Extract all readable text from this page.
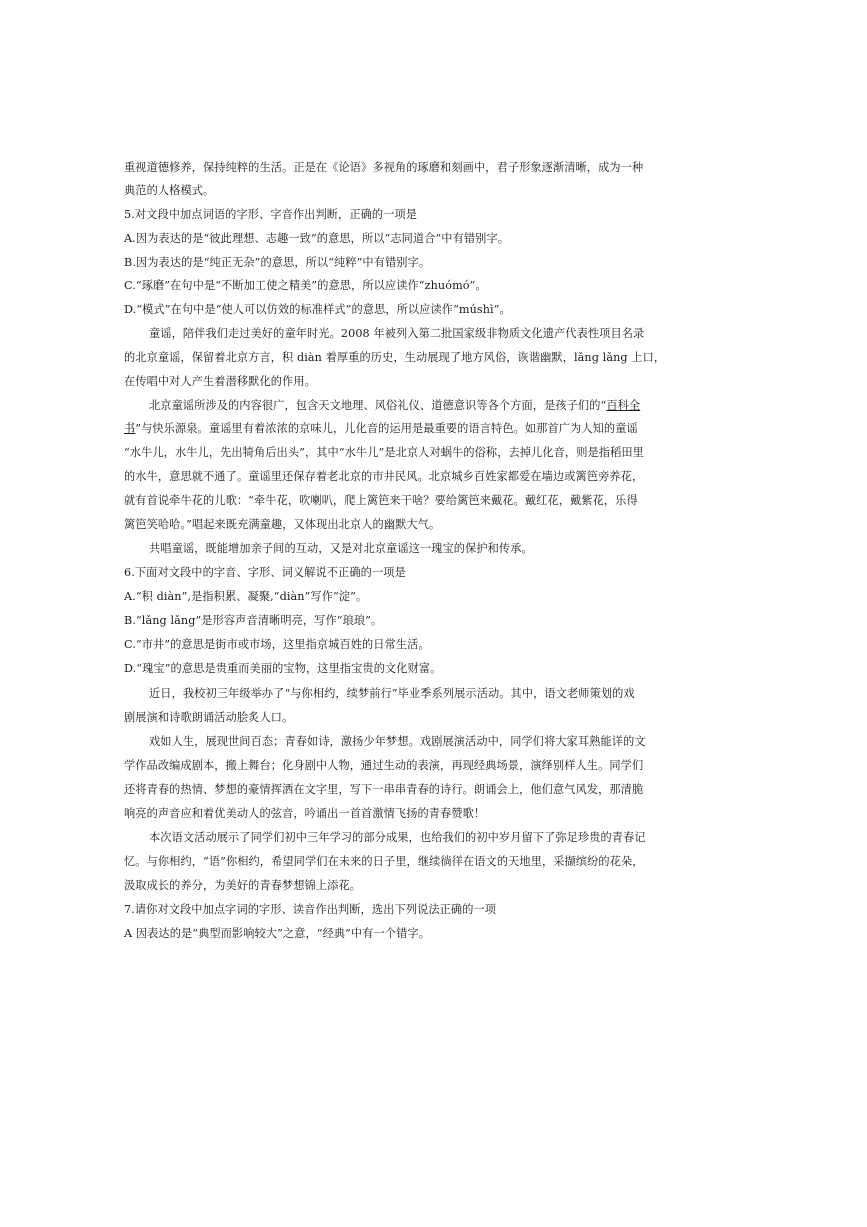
重视道德修养，保持纯粹的生活。正是在《论语》多视角的琢磨和刻画中，君子形象逐渐清晰，成为一种
典范的人格模式。
5.对文段中加点词语的字形、字音作出判断，正确的一项是
A.因为表达的是“彼此理想、志趣一致”的意思，所以“志同道合”中有错别字。
B.因为表达的是“纯正无杂”的意思，所以“纯粹”中有错别字。
C.“琢磨”在句中是“不断加工使之精美”的意思，所以应读作“zhuómó”。
D.“模式”在句中是“使人可以仿效的标准样式”的意思，所以应读作“múshì”。
童谣，陪伴我们走过美好的童年时光。2008 年被列入第二批国家级非物质文化遗产代表性项目名录
的北京童谣，保留着北京方言，积 diàn 着厚重的历史，生动展现了地方风俗，诙谐幽默，lǎng lǎng 上口，
在传唱中对人产生着潜移默化的作用。
北京童谣所涉及的内容很广，包含天文地理、风俗礼仪、道德意识等各个方面，是孩子们的“百科全
书”与快乐源泉。童谣里有着浓浓的京味儿，儿化音的运用是最重要的语言特色。如那首广为人知的童谣
“水牛儿，水牛儿，先出犄角后出头”，其中“水牛儿”是北京人对蜗牛的俗称，去掉儿化音，则是指稻田里
的水牛，意思就不通了。童谣里还保存着老北京的市井民风。北京城乡百姓家都爱在墙边或篱笆旁养花，
就有首说牵牛花的儿歌：“牵牛花，吹喇叭，爬上篱笆来干啥？要给篱笆来戴花。戴红花，戴紫花，乐得
篱笆笑哈哈。”唱起来既充满童趣，又体现出北京人的幽默大气。
共唱童谣，既能增加亲子间的互动，又是对北京童谣这一瑰宝的保护和传承。
6.下面对文段中的字音、字形、词义解说不正确的一项是
A.“积 diàn”,是指积累、凝聚,“diàn”写作“淀”。
B.“lǎng lǎng”是形容声音清晰明亮，写作“琅琅”。
C.“市井”的意思是街市或市场，这里指京城百姓的日常生活。
D.“瑰宝”的意思是贵重而美丽的宝物，这里指宝贵的文化财富。
近日，我校初三年级举办了“与你相约，续梦前行”毕业季系列展示活动。其中，语文老师策划的戏
剧展演和诗歌朗诵活动脍炙人口。
戏如人生，展现世间百态；青春如诗，激扬少年梦想。戏剧展演活动中，同学们将大家耳熟能详的文
学作品改编成剧本，搬上舞台；化身剧中人物，通过生动的表演，再现经典场景，演绎别样人生。同学们
还将青春的热情、梦想的豪情挥洒在文字里，写下一串串青春的诗行。朗诵会上，他们意气风发，那清脆
响亮的声音应和着优美动人的弦音，吟诵出一首首激情飞扬的青春赞歌！
本次语文活动展示了同学们初中三年学习的部分成果，也给我们的初中岁月留下了弥足珍贵的青春记
忆。与你相约，“语”你相约，希望同学们在未来的日子里，继续徜徉在语文的天地里，采撷缤纷的花朵，
汲取成长的养分，为美好的青春梦想锦上添花。
7.请你对文段中加点字词的字形、读音作出判断，选出下列说法正确的一项
A 因表达的是“典型而影响较大”之意，“经典”中有一个错字。
